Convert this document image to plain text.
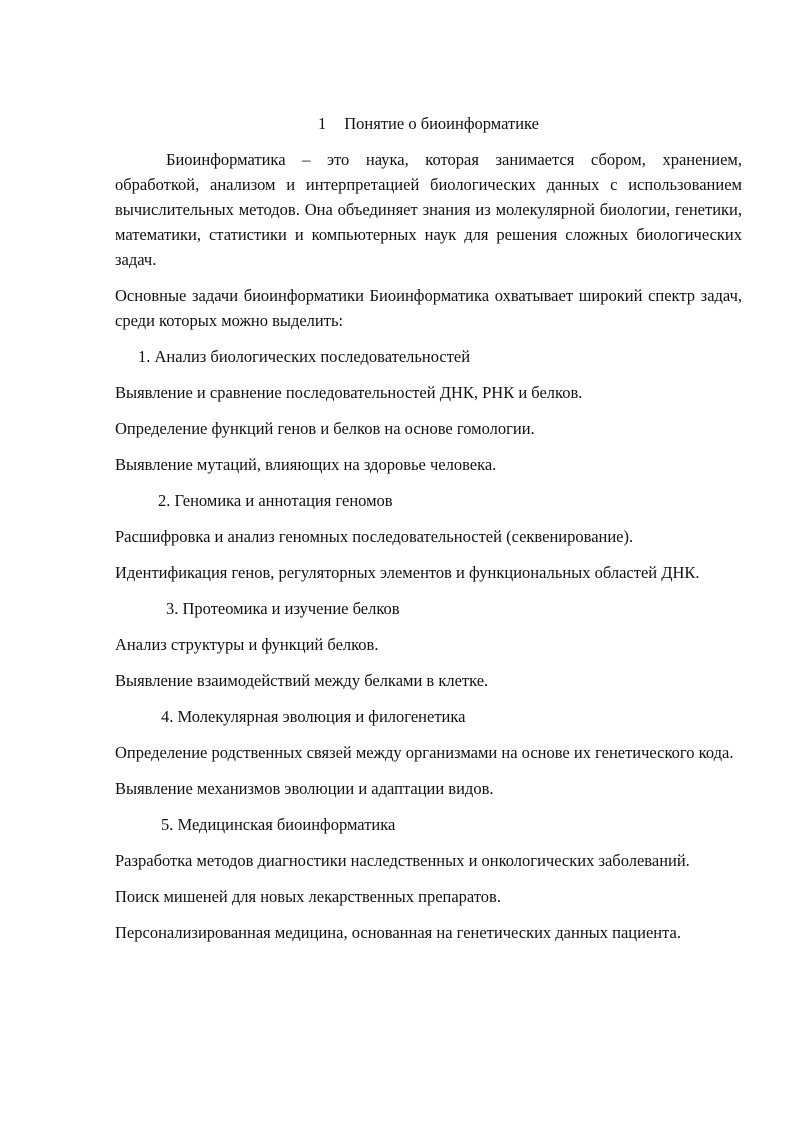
1 Понятие о биоинформатике

Биоинформатика – это наука, которая занимается сбором, хранением, обработкой, анализом и интерпретацией биологических данных с использованием вычислительных методов. Она объединяет знания из молекулярной биологии, генетики, математики, статистики и компьютерных наук для решения сложных биологических задач.

Основные задачи биоинформатики Биоинформатика охватывает широкий спектр задач, среди которых можно выделить:

1. Анализ биологических последовательностей

Выявление и сравнение последовательностей ДНК, РНК и белков.

Определение функций генов и белков на основе гомологии.

Выявление мутаций, влияющих на здоровье человека.

2. Геномика и аннотация геномов

Расшифровка и анализ геномных последовательностей (секвенирование).

Идентификация генов, регуляторных элементов и функциональных областей ДНК.

3. Протеомика и изучение белков

Анализ структуры и функций белков.

Выявление взаимодействий между белками в клетке.

4. Молекулярная эволюция и филогенетика

Определение родственных связей между организмами на основе их генетического кода.

Выявление механизмов эволюции и адаптации видов.

5. Медицинская биоинформатика

Разработка методов диагностики наследственных и онкологических заболеваний.

Поиск мишеней для новых лекарственных препаратов.

Персонализированная медицина, основанная на генетических данных пациента.
